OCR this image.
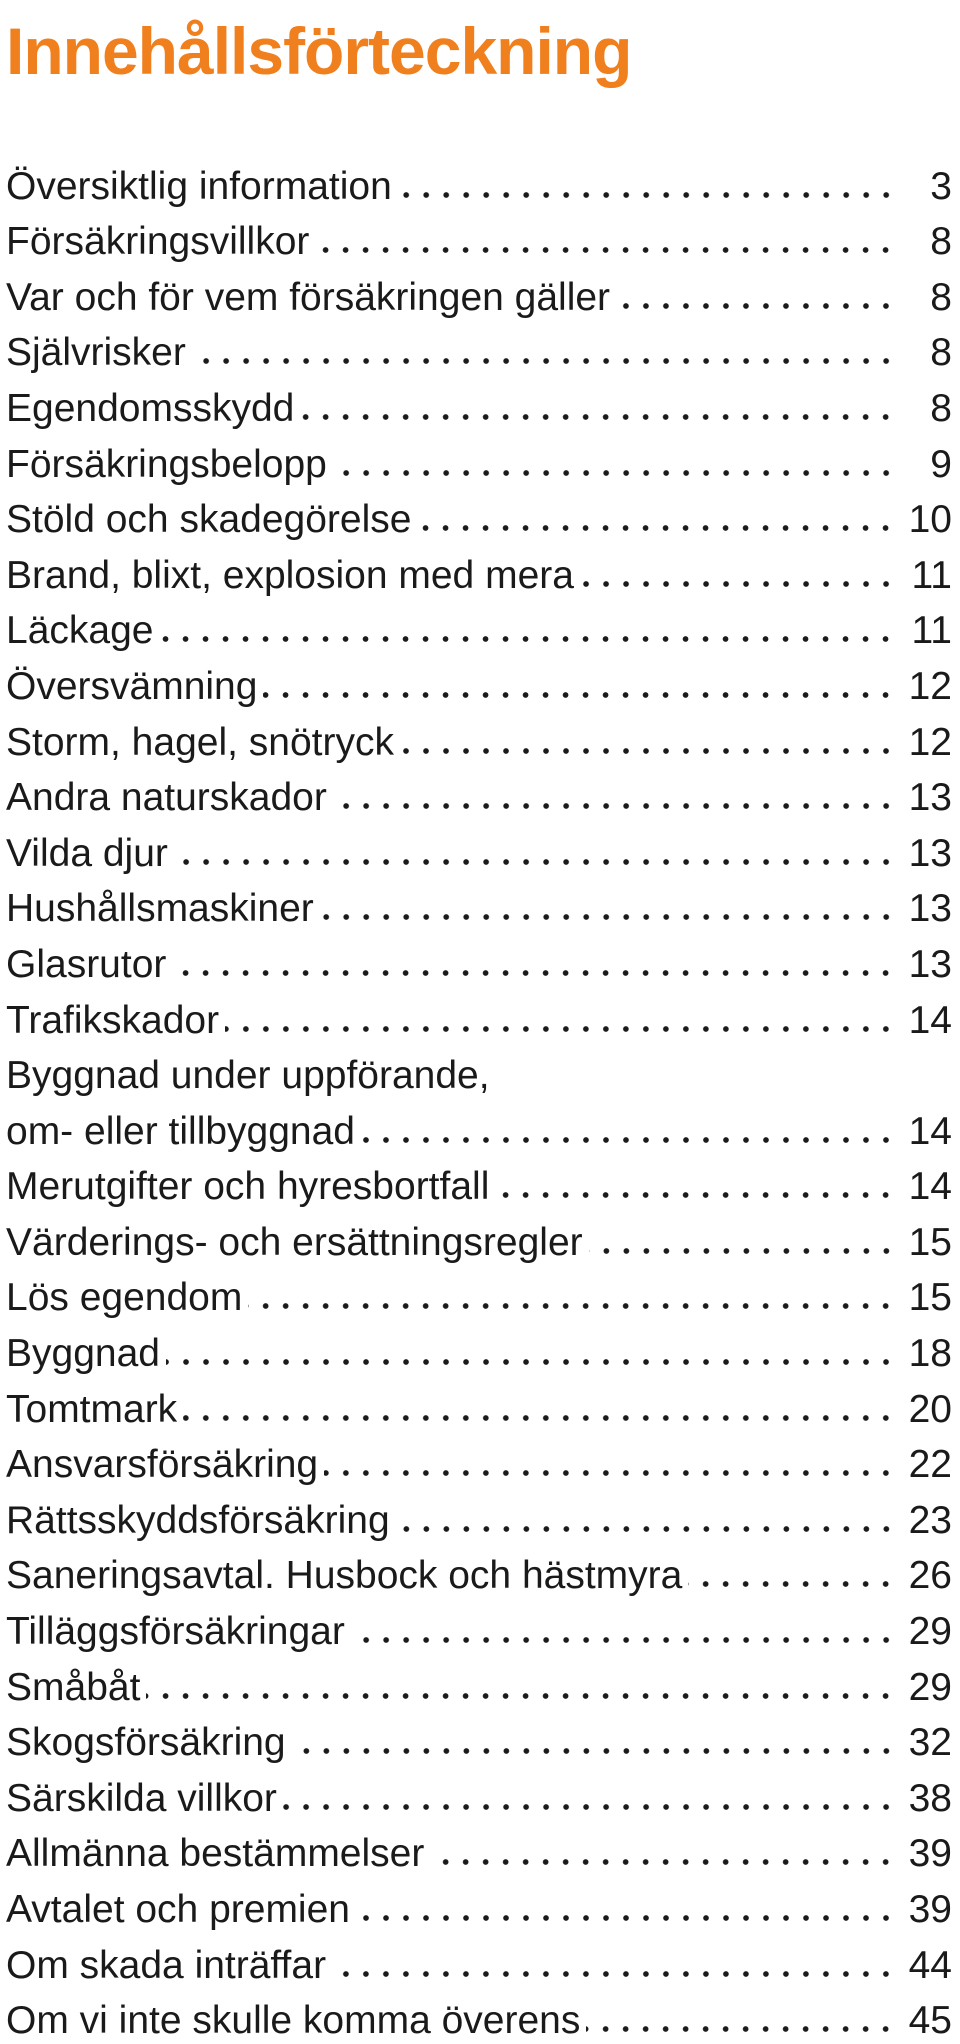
Innehållsförteckning
Översiktlig information	3
Försäkringsvillkor	8
Var och för vem försäkringen gäller	8
Självrisker	8
Egendomsskydd	8
Försäkringsbelopp	9
Stöld och skadegörelse	10
Brand, blixt, explosion med mera	11
Läckage	11
Översvämning	12
Storm, hagel, snötryck	12
Andra naturskador	13
Vilda djur	13
Hushållsmaskiner	13
Glasrutor	13
Trafikskador	14
Byggnad under uppförande,
om- eller tillbyggnad	14
Merutgifter och hyresbortfall	14
Värderings- och ersättningsregler	15
Lös egendom	15
Byggnad	18
Tomtmark	20
Ansvarsförsäkring	22
Rättsskyddsförsäkring	23
Saneringsavtal. Husbock och hästmyra	26
Tilläggsförsäkringar	29
Småbåt	29
Skogsförsäkring	32
Särskilda villkor	38
Allmänna bestämmelser	39
Avtalet och premien	39
Om skada inträffar	44
Om vi inte skulle komma överens	45
